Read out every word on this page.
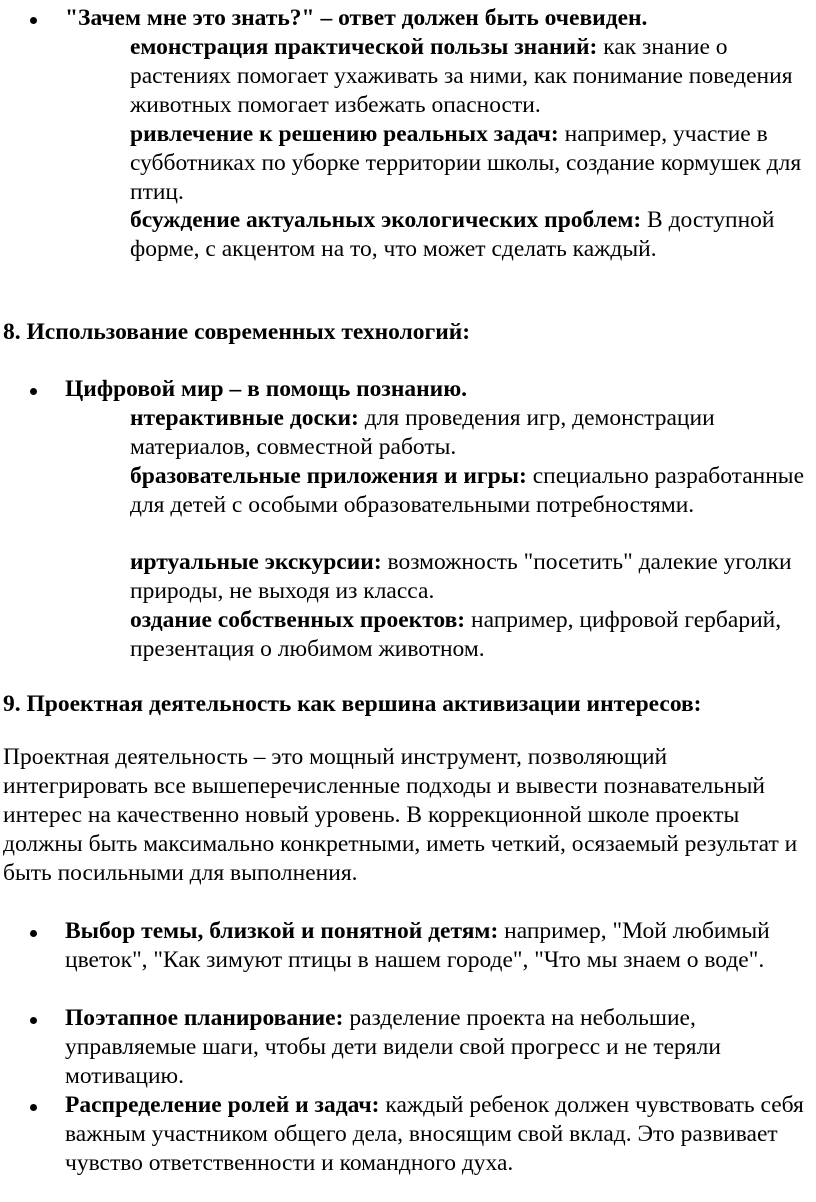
"Зачем мне это знать?" – ответ должен быть очевиден.
емонстрация практической пользы знаний: как знание о растениях помогает ухаживать за ними, как понимание поведения животных помогает избежать опасности.
ривлечение к решению реальных задач: например, участие в субботниках по уборке территории школы, создание кормушек для птиц.
бсуждение актуальных экологических проблем: В доступной форме, с акцентом на то, что может сделать каждый.
8. Использование современных технологий:
Цифровой мир – в помощь познанию.
нтерактивные доски: для проведения игр, демонстрации материалов, совместной работы.
бразовательные приложения и игры: специально разработанные для детей с особыми образовательными потребностями.
иртуальные экскурсии: возможность "посетить" далекие уголки природы, не выходя из класса.
оздание собственных проектов: например, цифровой гербарий, презентация о любимом животном.
9. Проектная деятельность как вершина активизации интересов:
Проектная деятельность – это мощный инструмент, позволяющий интегрировать все вышеперечисленные подходы и вывести познавательный интерес на качественно новый уровень. В коррекционной школе проекты должны быть максимально конкретными, иметь четкий, осязаемый результат и быть посильными для выполнения.
Выбор темы, близкой и понятной детям: например, "Мой любимый цветок", "Как зимуют птицы в нашем городе", "Что мы знаем о воде".
Поэтапное планирование: разделение проекта на небольшие, управляемые шаги, чтобы дети видели свой прогресс и не теряли мотивацию.
Распределение ролей и задач: каждый ребенок должен чувствовать себя важным участником общего дела, вносящим свой вклад. Это развивает чувство ответственности и командного духа.
